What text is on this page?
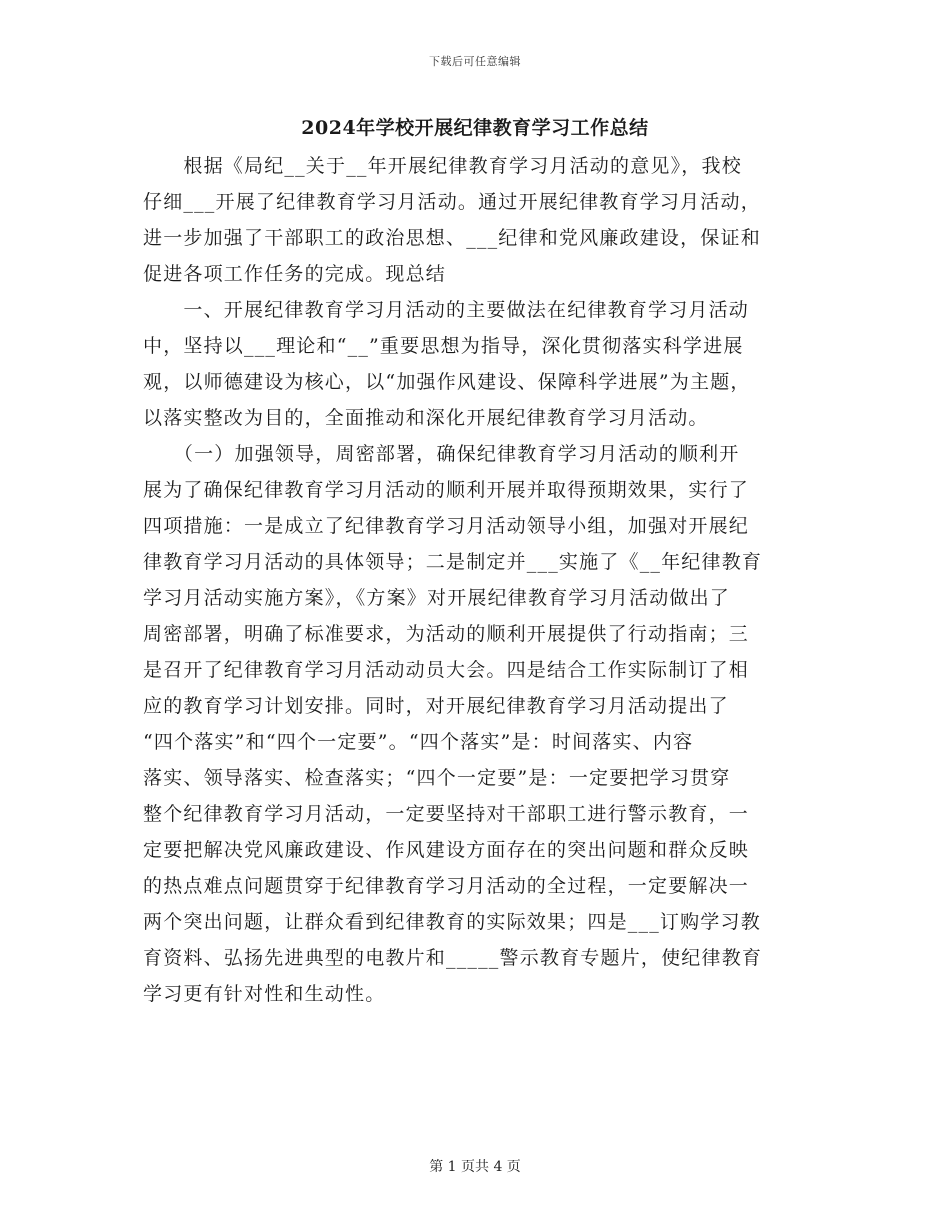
下载后可任意编辑
2024年学校开展纪律教育学习工作总结
　　根据《局纪__关于__年开展纪律教育学习月活动的意见》，我校
仔细___开展了纪律教育学习月活动。通过开展纪律教育学习月活动，
进一步加强了干部职工的政治思想、___纪律和党风廉政建设，保证和
促进各项工作任务的完成。现总结
　　一、开展纪律教育学习月活动的主要做法在纪律教育学习月活动
中，坚持以___理论和“__”重要思想为指导，深化贯彻落实科学进展
观，以师德建设为核心，以“加强作风建设、保障科学进展”为主题，
以落实整改为目的，全面推动和深化开展纪律教育学习月活动。
　　（一）加强领导，周密部署，确保纪律教育学习月活动的顺利开
展为了确保纪律教育学习月活动的顺利开展并取得预期效果，实行了
四项措施：一是成立了纪律教育学习月活动领导小组，加强对开展纪
律教育学习月活动的具体领导；二是制定并___实施了《__年纪律教育
学习月活动实施方案》，《方案》对开展纪律教育学习月活动做出了
周密部署，明确了标准要求，为活动的顺利开展提供了行动指南；三
是召开了纪律教育学习月活动动员大会。四是结合工作实际制订了相
应的教育学习计划安排。同时，对开展纪律教育学习月活动提出了
“四个落实”和“四个一定要”。“四个落实”是：时间落实、内容
落实、领导落实、检查落实；“四个一定要”是：一定要把学习贯穿
整个纪律教育学习月活动，一定要坚持对干部职工进行警示教育，一
定要把解决党风廉政建设、作风建设方面存在的突出问题和群众反映
的热点难点问题贯穿于纪律教育学习月活动的全过程，一定要解决一
两个突出问题，让群众看到纪律教育的实际效果；四是___订购学习教
育资料、弘扬先进典型的电教片和_____警示教育专题片，使纪律教育
学习更有针对性和生动性。
第 1 页共 4 页
